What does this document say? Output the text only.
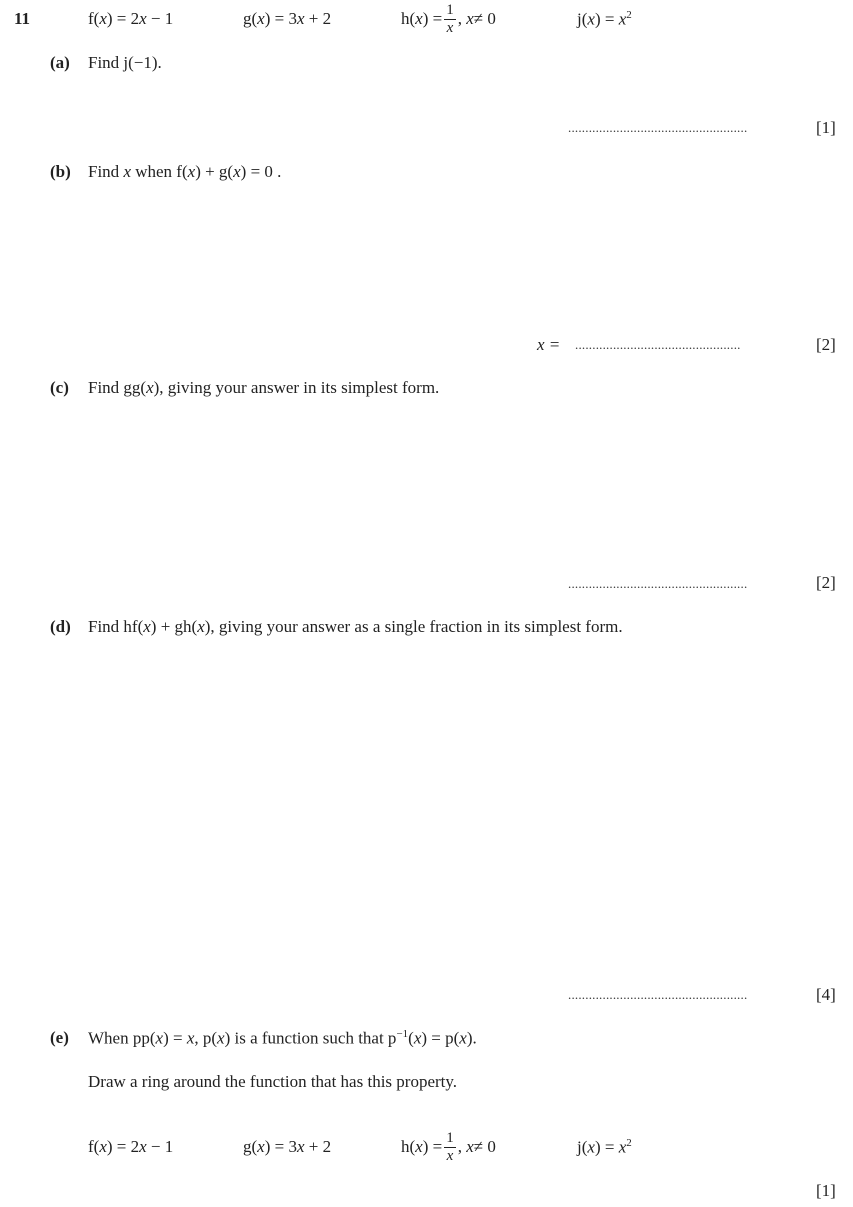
11	f(x) = 2x − 1	g(x) = 3x + 2	h( x ) = $\frac{1}{x}$ ,
x ≠ 0	$j(x) = x^2$
(a) Find j(−1).
....................................................	[1]
(b) Find x when f(x) + g(x) = 0 .
x = ................................................	[2]
(c) Find gg(x), giving your answer in its simplest form.
....................................................	[2]
(d) Find hf(x) + gh(x), giving your answer as a single fraction in its simplest form.
....................................................	[4]
(e) When pp(x) = x, p(x) is a function such that $p^{-1}(x) = p(x)$.
Draw a ring around the function that has this property.
f(x) = 2x − 1	g(x) = 3x + 2	h( x ) = $\frac{1}{x}$ ,
x ≠ 0	$j(x) = x^2$
[1]
